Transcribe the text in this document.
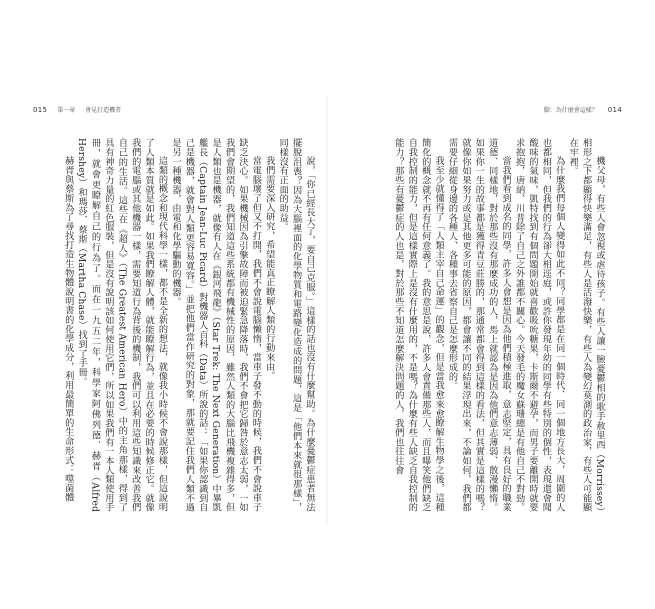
015 第一章 會見打造機者	脚：為什麼會這樣？ 014

說，「你已經長大了，要自己克服。」這樣的話也沒有什麼幫助。為什麼憂鬱症患者無法擺脫沮喪？因為大腦裡面的化學物質和電路變化造成的問題，這是「他們本來就很那樣」，同樣沒有正面的助益。

我們需要深入研究，希望能真正瞭解人類的行動來由。

當電腦壞了但又不打開，我們不會說電腦懶惰，當車子發不動的時候，我們不會說車子缺乏決心。如果機械因為引擎故障而被迫緊急降落時，我們不會把它歸咎於意志太弱，一如我們會期望的，我們知道這些系統都有機械性的原因，雖然人類的大腦比飛機複雜得多，但是人類也是機器，就像有人在《銀河飛龍》（Star Trek: The Next Generation）中畢凱艦長（Captain Jean-Luc Picard）對機器人百科（Data）所說的話：「如果你認識到自己是機器，就會對人類更容易寬容。」並把他們當作研究的對象，那就要記住我們人類不過是另一種機器，由電和化學驅動的機器。

這類的概念和現代科學一樣，都不是全新的想法，就像我小時候不會說那樣，但這說明了人類本質就是如此。如果我們瞭解人體，就能瞭解行為，並且在必要的時候修正它。就像我們的電腦或其他機器一樣，需要知道行為背後的機制，我們可以利用這些知識來改善我們自己的生活。這些在《超人》（The Greatest American Hero）中的主角那樣，得到了具有神奇力量的紅色服裝，但是沒有說明該如何使用它們，所以如果我們有一本人類使用手冊，就會更瞭解自己的行為了。而在一九五二年，科學家阿佛列德．赫胥（Alfred Hershey）和瑪莎．蔡斯（Martha Chase）找到了手冊。

赫胥與蔡斯為了尋找打造生物體說明書的化學成分，利用最簡單的生命形式：噬菌體	機父母，有些人會忽視或虐待孩子。有些人讓一臉憂鬱相的歌手赦里西（Morrissey）相形之下都顯得快樂滿足，有些人是活潑快樂，有些人為變幻莫測的政治家，有些人可能顯在牢裡。

為什麼我們每個人變得如此不同？同學都是在同一個時代、同一個地方長大，周圍的人也都相同，但我們的行為卻大相逕庭，或許你發現年幼的同學有些特別的個性，表現還會聞酸味的氣味，凱特找到有個問題開始就喜歡吸吮糖果，卡斯爾不避孕，而男子要離開時就要求抱抱，唐納、川普除了自己之外誰都不關心。今天發毛的魔女蘇珊總是有他自己不對勁。

當我們看到成名的同學，許多人會想是因為他們積極進取，意志堅定，具有良好的職業道德、同樣地，對於那些沒有那麼成功的人，馬上就認為是因為他們意志薄弱、散漫懶惰。如果你一生的故事都是獲得青豆莊勝的，那通常都會得到這樣的看法，但其實是這樣的嗎？就像你如果努力或是其他更多可能的原因，都會讓不同的結果浮現出來，不論如何，我們都需要仔細從身邊的各種人、各種事去省察自己是怎麼形成的。

我至少就懂得了「人類主宰自己命運」的觀念，但是當我愈來愈瞭解生物學之後，這種簡化的概念就不再有任何意義了。我的意思是說，許多人會責備那些人，而且曝笑他們缺乏自我控制的能力，但是這樣實際上是沒有什麼用的，不是嗎？為什麼有些人缺乏自我控制的能力？那些有憂鬱症的人也是，對於那些不知道怎麼解決問題的人，我們也往往會
